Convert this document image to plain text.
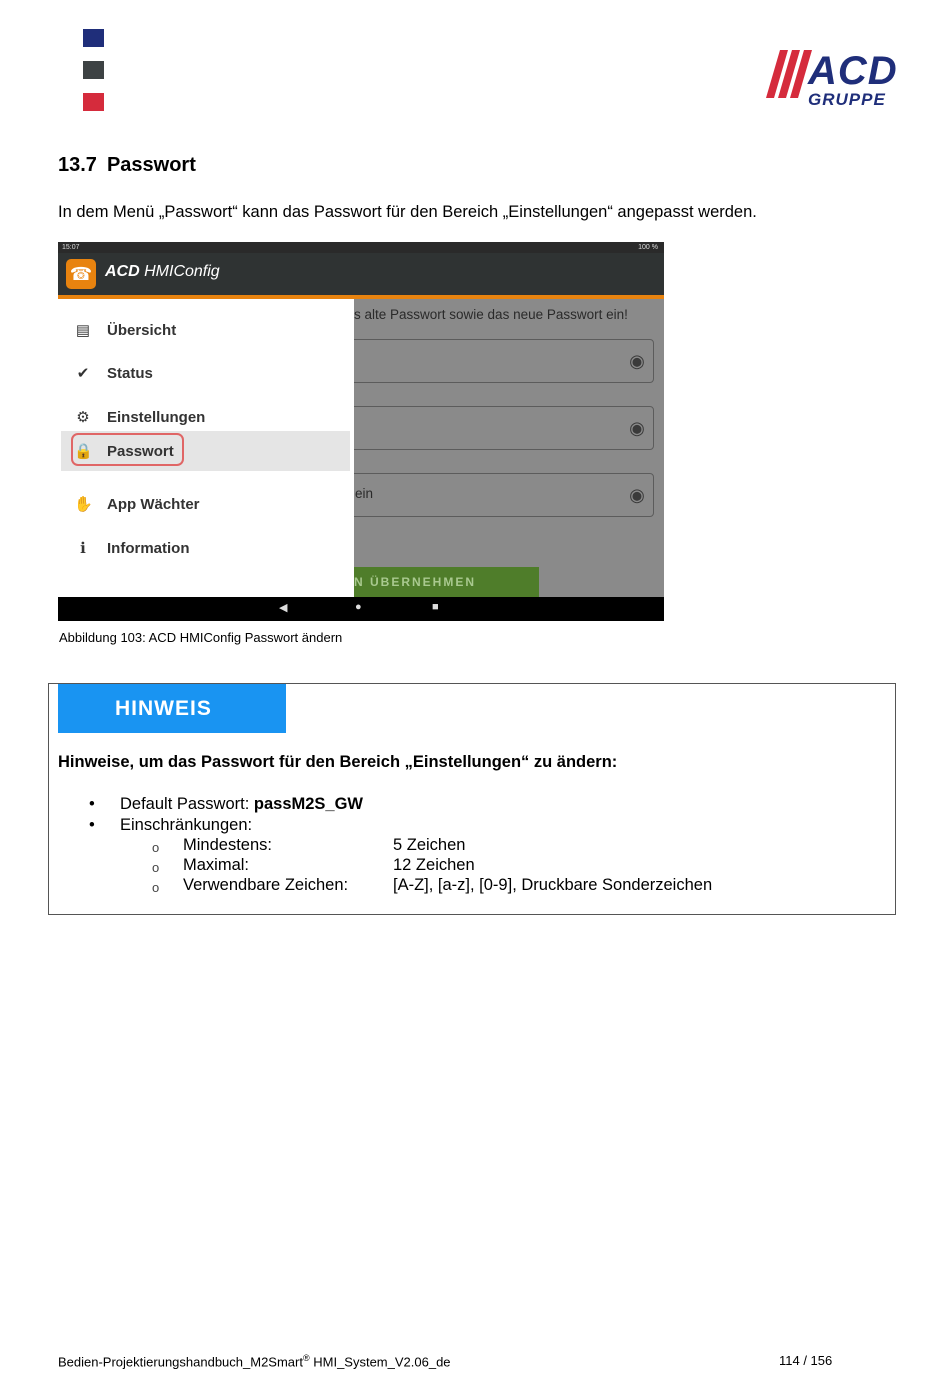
ACD
GRUPPE
13.7 Passwort
In dem Menü „Passwort“ kann das Passwort für den Bereich „Einstellungen“ angepasst werden.
15:07	100 %
s alte Passwort sowie das neue Passwort ein!
◉
◉
ein	◉
N ÜBERNEHMEN
◀	●	■
☎ ACD HMIConfig
▤ Übersicht
✔ Status
⚙ Einstellungen
🔒 Passwort
✋ App Wächter
ℹ	Information
Abbildung 103: ACD HMIConfig Passwort ändern
HINWEIS
Hinweise, um das Passwort für den Bereich „Einstellungen“ zu ändern:
• Default Passwort: passM2S_GW
• Einschränkungen:
o Mindestens:	5 Zeichen
o Maximal:	12 Zeichen
o Verwendbare Zeichen:	[A-Z], [a-z], [0-9], Druckbare Sonderzeichen
Bedien-Projektierungshandbuch_M2Smart® HMI_System_V2.06_de	114 / 156
